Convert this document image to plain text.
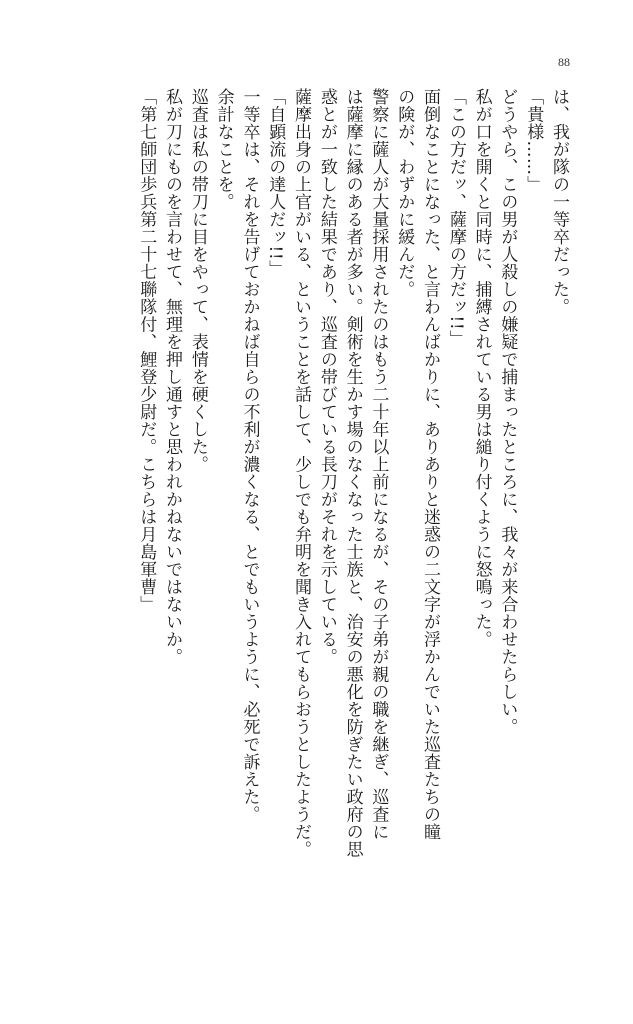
88
は、我が隊の一等卒だった。
「貴様……」
どうやら、この男が人殺しの嫌疑で捕まったところに、我々が来合わせたらしい。
私が口を開くと同時に、捕縛されている男は縋り付くように怒鳴った。
「この方だッ、薩摩の方だッ!!」
面倒なことになった、と言わんばかりに、ありありと迷惑の二文字が浮かんでいた巡査たちの瞳
の険が、わずかに緩んだ。
警察に薩人が大量採用されたのはもう二十年以上前になるが、その子弟が親の職を継ぎ、巡査に
は薩摩に縁のある者が多い。剣術を生かす場のなくなった士族と、治安の悪化を防ぎたい政府の思
惑とが一致した結果であり、巡査の帯びている長刀がそれを示している。
薩摩出身の上官がいる、ということを話して、少しでも弁明を聞き入れてもらおうとしたようだ。
「自顕流の達人だッ!!」
一等卒は、それを告げておかねば自らの不利が濃くなる、とでもいうように、必死で訴えた。
余計なことを。
巡査は私の帯刀に目をやって、表情を硬くした。
私が刀にものを言わせて、無理を押し通すと思われかねないではないか。
「第七師団歩兵第二十七聯隊付、鯉登少尉だ。こちらは月島軍曹」
